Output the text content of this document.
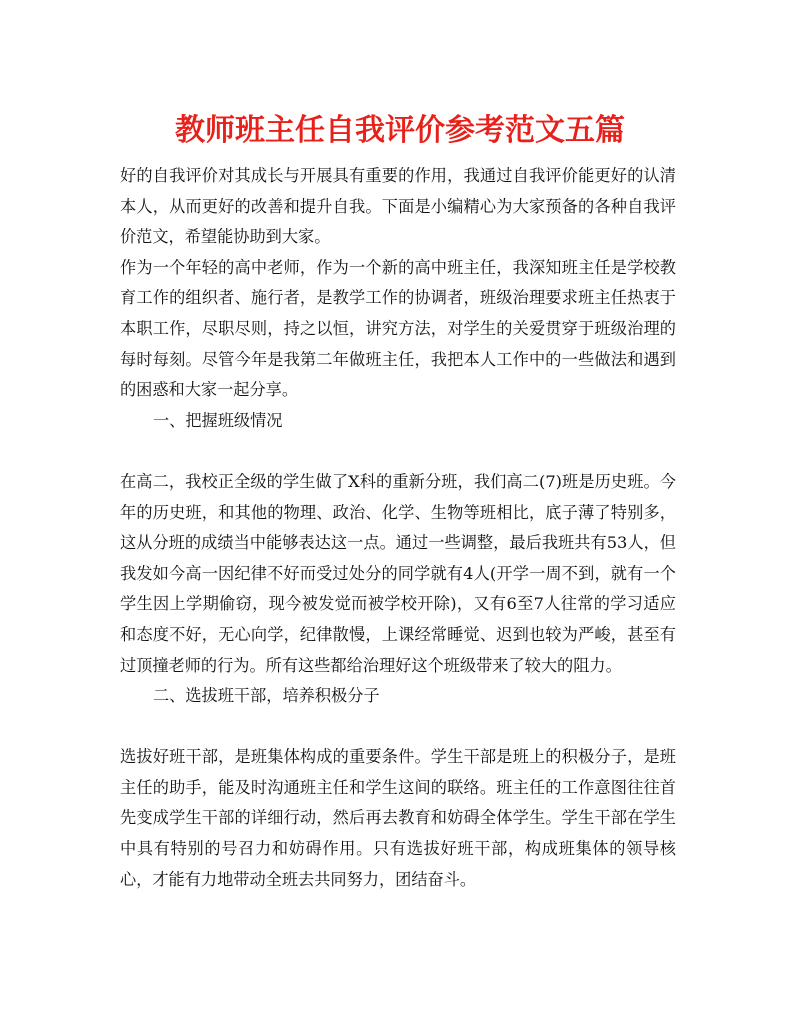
教师班主任自我评价参考范文五篇

好的自我评价对其成长与开展具有重要的作用，我通过自我评价能更好的认清本人，从而更好的改善和提升自我。下面是小编精心为大家预备的各种自我评价范文，希望能协助到大家。

作为一个年轻的高中老师，作为一个新的高中班主任，我深知班主任是学校教育工作的组织者、施行者，是教学工作的协调者，班级治理要求班主任热衷于本职工作，尽职尽则，持之以恒，讲究方法，对学生的关爱贯穿于班级治理的每时每刻。尽管今年是我第二年做班主任，我把本人工作中的一些做法和遇到的困惑和大家一起分享。

一、把握班级情况

在高二，我校正全级的学生做了X科的重新分班，我们高二(7)班是历史班。今年的历史班，和其他的物理、政治、化学、生物等班相比，底子薄了特别多，这从分班的成绩当中能够表达这一点。通过一些调整，最后我班共有53人，但我发如今高一因纪律不好而受过处分的同学就有4人(开学一周不到，就有一个学生因上学期偷窃，现今被发觉而被学校开除)，又有6至7人往常的学习适应和态度不好，无心向学，纪律散慢，上课经常睡觉、迟到也较为严峻，甚至有过顶撞老师的行为。所有这些都给治理好这个班级带来了较大的阻力。

二、选拔班干部，培养积极分子

选拔好班干部，是班集体构成的重要条件。学生干部是班上的积极分子，是班主任的助手，能及时沟通班主任和学生这间的联络。班主任的工作意图往往首先变成学生干部的详细行动，然后再去教育和妨碍全体学生。学生干部在学生中具有特别的号召力和妨碍作用。只有选拔好班干部，构成班集体的领导核心，才能有力地带动全班去共同努力，团结奋斗。
